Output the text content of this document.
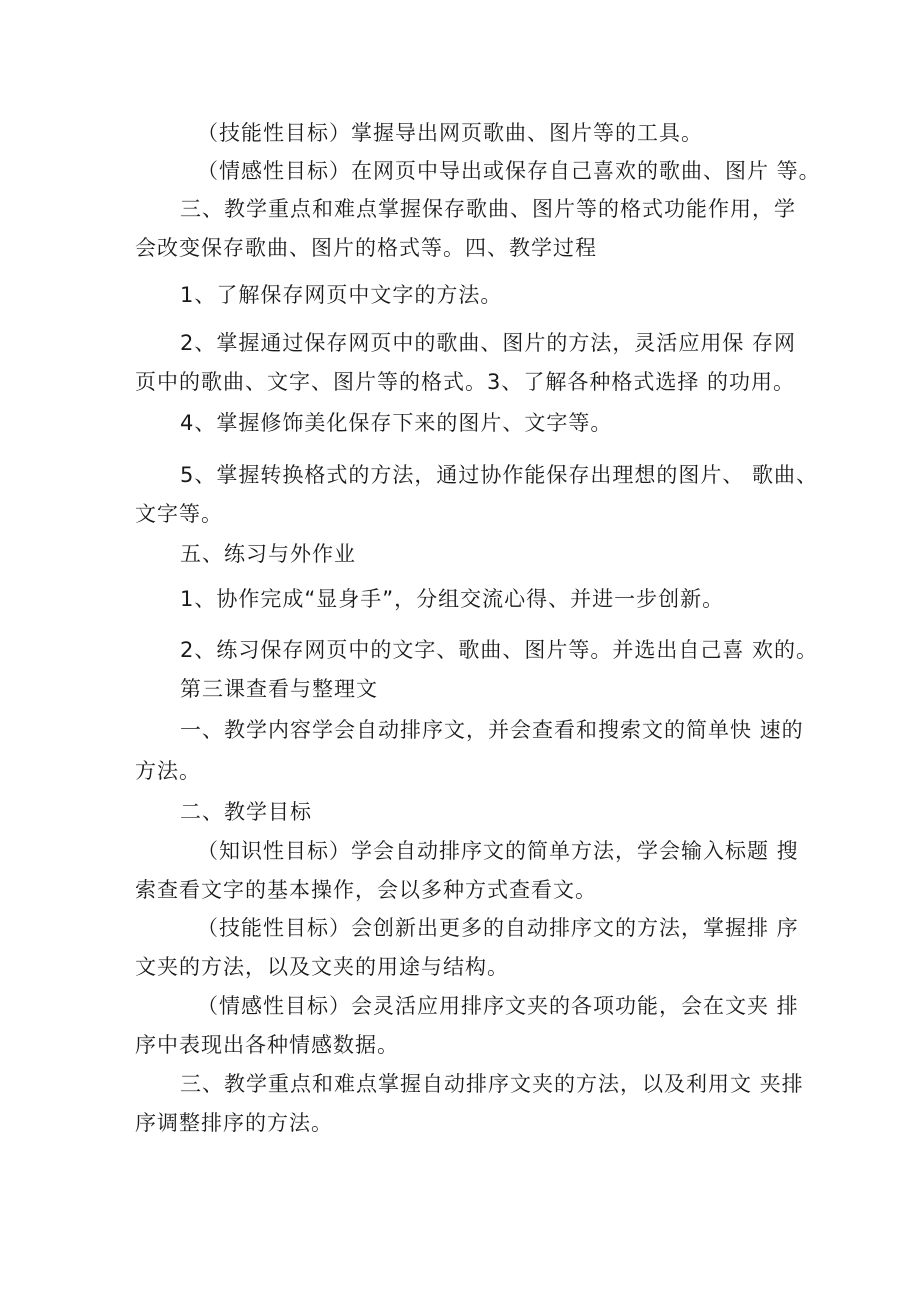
（技能性目标）掌握导出网页歌曲、图片等的工具。
（情感性目标）在网页中导出或保存自己喜欢的歌曲、图片 等。
三、教学重点和难点掌握保存歌曲、图片等的格式功能作用，学
会改变保存歌曲、图片的格式等。四、教学过程
1、了解保存网页中文字的方法。
2、掌握通过保存网页中的歌曲、图片的方法，灵活应用保 存网
页中的歌曲、文字、图片等的格式。3、了解各种格式选择 的功用。
4、掌握修饰美化保存下来的图片、文字等。
5、掌握转换格式的方法，通过协作能保存出理想的图片、 歌曲、
文字等。
五、练习与外作业
1、协作完成“显身手”，分组交流心得、并进一步创新。
2、练习保存网页中的文字、歌曲、图片等。并选出自己喜 欢的。
第三课查看与整理文
一、教学内容学会自动排序文，并会查看和搜索文的简单快 速的
方法。
二、教学目标
（知识性目标）学会自动排序文的简单方法，学会输入标题 搜
索查看文字的基本操作，会以多种方式查看文。
（技能性目标）会创新出更多的自动排序文的方法，掌握排 序
文夹的方法，以及文夹的用途与结构。
（情感性目标）会灵活应用排序文夹的各项功能，会在文夹 排
序中表现出各种情感数据。
三、教学重点和难点掌握自动排序文夹的方法，以及利用文 夹排
序调整排序的方法。
